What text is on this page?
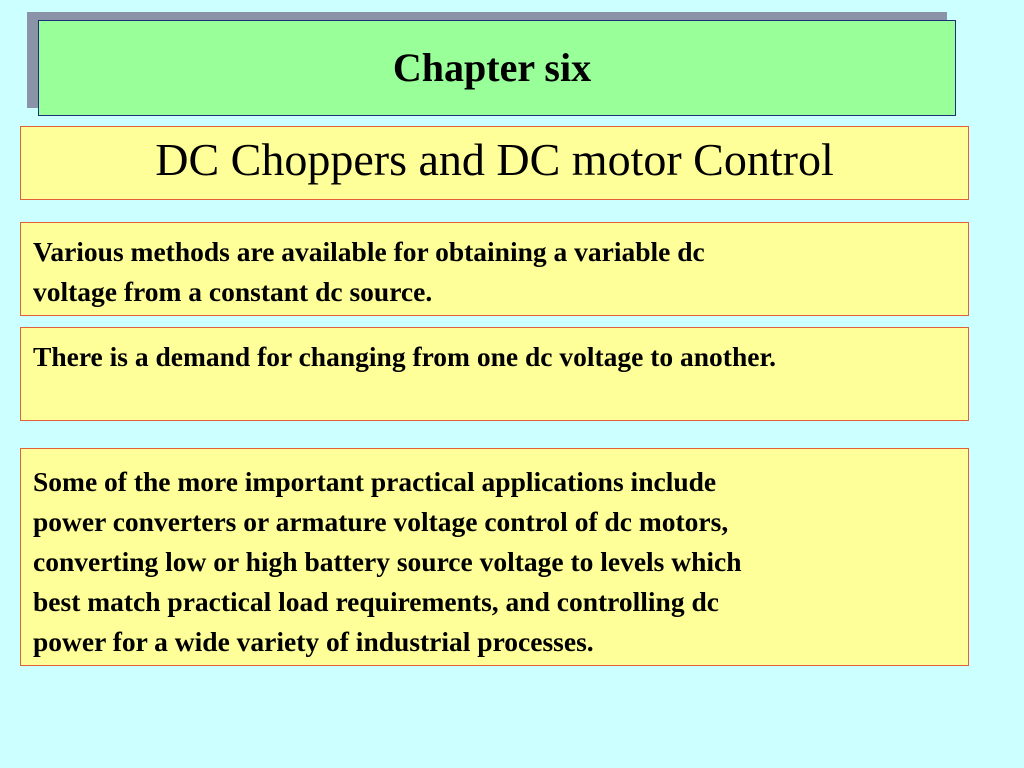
Chapter six
DC Choppers and DC motor Control
Various methods are available for obtaining a variable dc
voltage from a constant dc source.
There is a demand for changing from one dc voltage to another.
Some of the more important practical applications include
power converters or armature voltage control of dc motors,
converting low or high battery source voltage to levels which
best match practical load requirements, and controlling dc
power for a wide variety of industrial processes.
